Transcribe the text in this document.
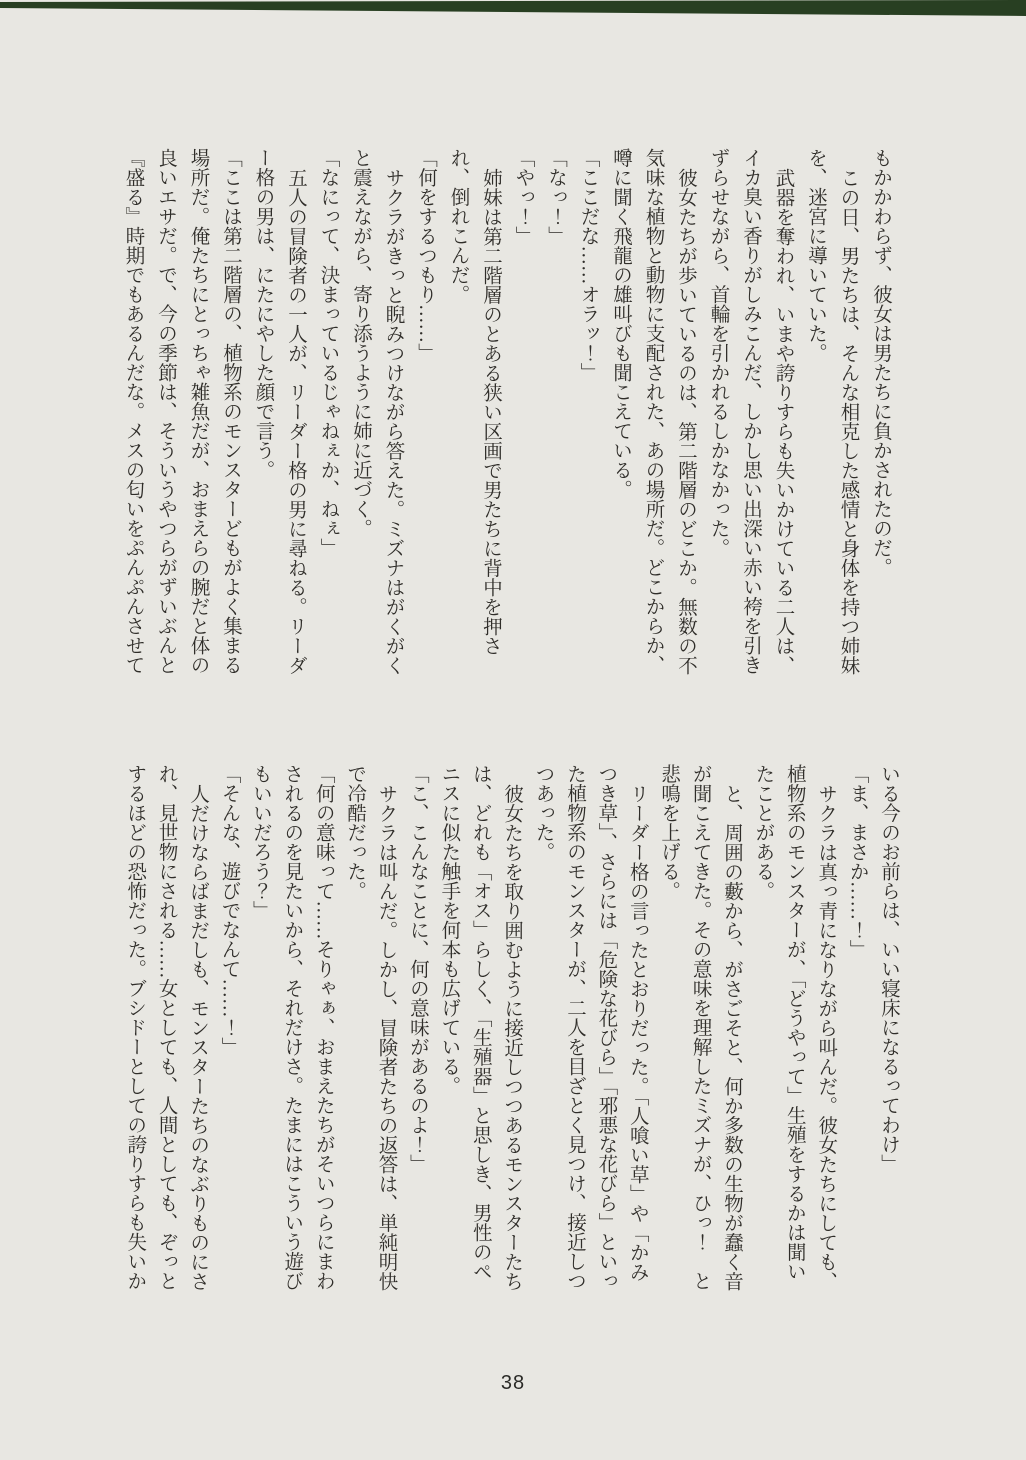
もかかわらず、彼女は男たちに負かされたのだ。

この日、男たちは、そんな相克した感情と身体を持つ姉妹を、迷宮に導いていた。

武器を奪われ、いまや誇りすらも失いかけている二人は、イカ臭い香りがしみこんだ、しかし思い出深い赤い袴を引きずらせながら、首輪を引かれるしかなかった。

彼女たちが歩いているのは、第二階層のどこか。無数の不気味な植物と動物に支配された、あの場所だ。どこからか、噂に聞く飛龍の雄叫びも聞こえている。

「ここだな……オラッ！」

「なっ！」

「やっ！」

姉妹は第二階層のとある狭い区画で男たちに背中を押され、倒れこんだ。

「何をするつもり……」

サクラがきっと睨みつけながら答えた。ミズナはがくがくと震えながら、寄り添うように姉に近づく。

「なにって、決まっているじゃねぇか、ねぇ」

五人の冒険者の一人が、リーダー格の男に尋ねる。リーダー格の男は、にたにやした顔で言う。

「ここは第二階層の、植物系のモンスターどもがよく集まる場所だ。俺たちにとっちゃ雑魚だが、おまえらの腕だと体の良いエサだ。で、今の季節は、そういうやつらがずいぶんと『盛る』時期でもあるんだな。メスの匂いをぷんぷんさせて

いる今のお前らは、いい寝床になるってわけ」

「ま、まさか……！」

サクラは真っ青になりながら叫んだ。彼女たちにしても、植物系のモンスターが、「どうやって」生殖をするかは聞いたことがある。

と、周囲の藪から、がさごそと、何か多数の生物が蠢く音が聞こえてきた。その意味を理解したミズナが、ひっ！　と悲鳴を上げる。

リーダー格の言ったとおりだった。「人喰い草」や「かみつき草」、さらには「危険な花びら」「邪悪な花びら」といった植物系のモンスターが、二人を目ざとく見つけ、接近しつつあった。

彼女たちを取り囲むように接近しつつあるモンスターたちは、どれも「オス」らしく、「生殖器」と思しき、男性のペニスに似た触手を何本も広げている。

「こ、こんなことに、何の意味があるのよ！」

サクラは叫んだ。しかし、冒険者たちの返答は、単純明快で冷酷だった。

「何の意味って……そりゃぁ、おまえたちがそいつらにまわされるのを見たいから、それだけさ。たまにはこういう遊びもいいだろう？」

「そんな、遊びでなんて……！」

人だけならばまだしも、モンスターたちのなぶりものにされ、見世物にされる……女としても、人間としても、ぞっとするほどの恐怖だった。ブシドーとしての誇りすらも失いか

38
